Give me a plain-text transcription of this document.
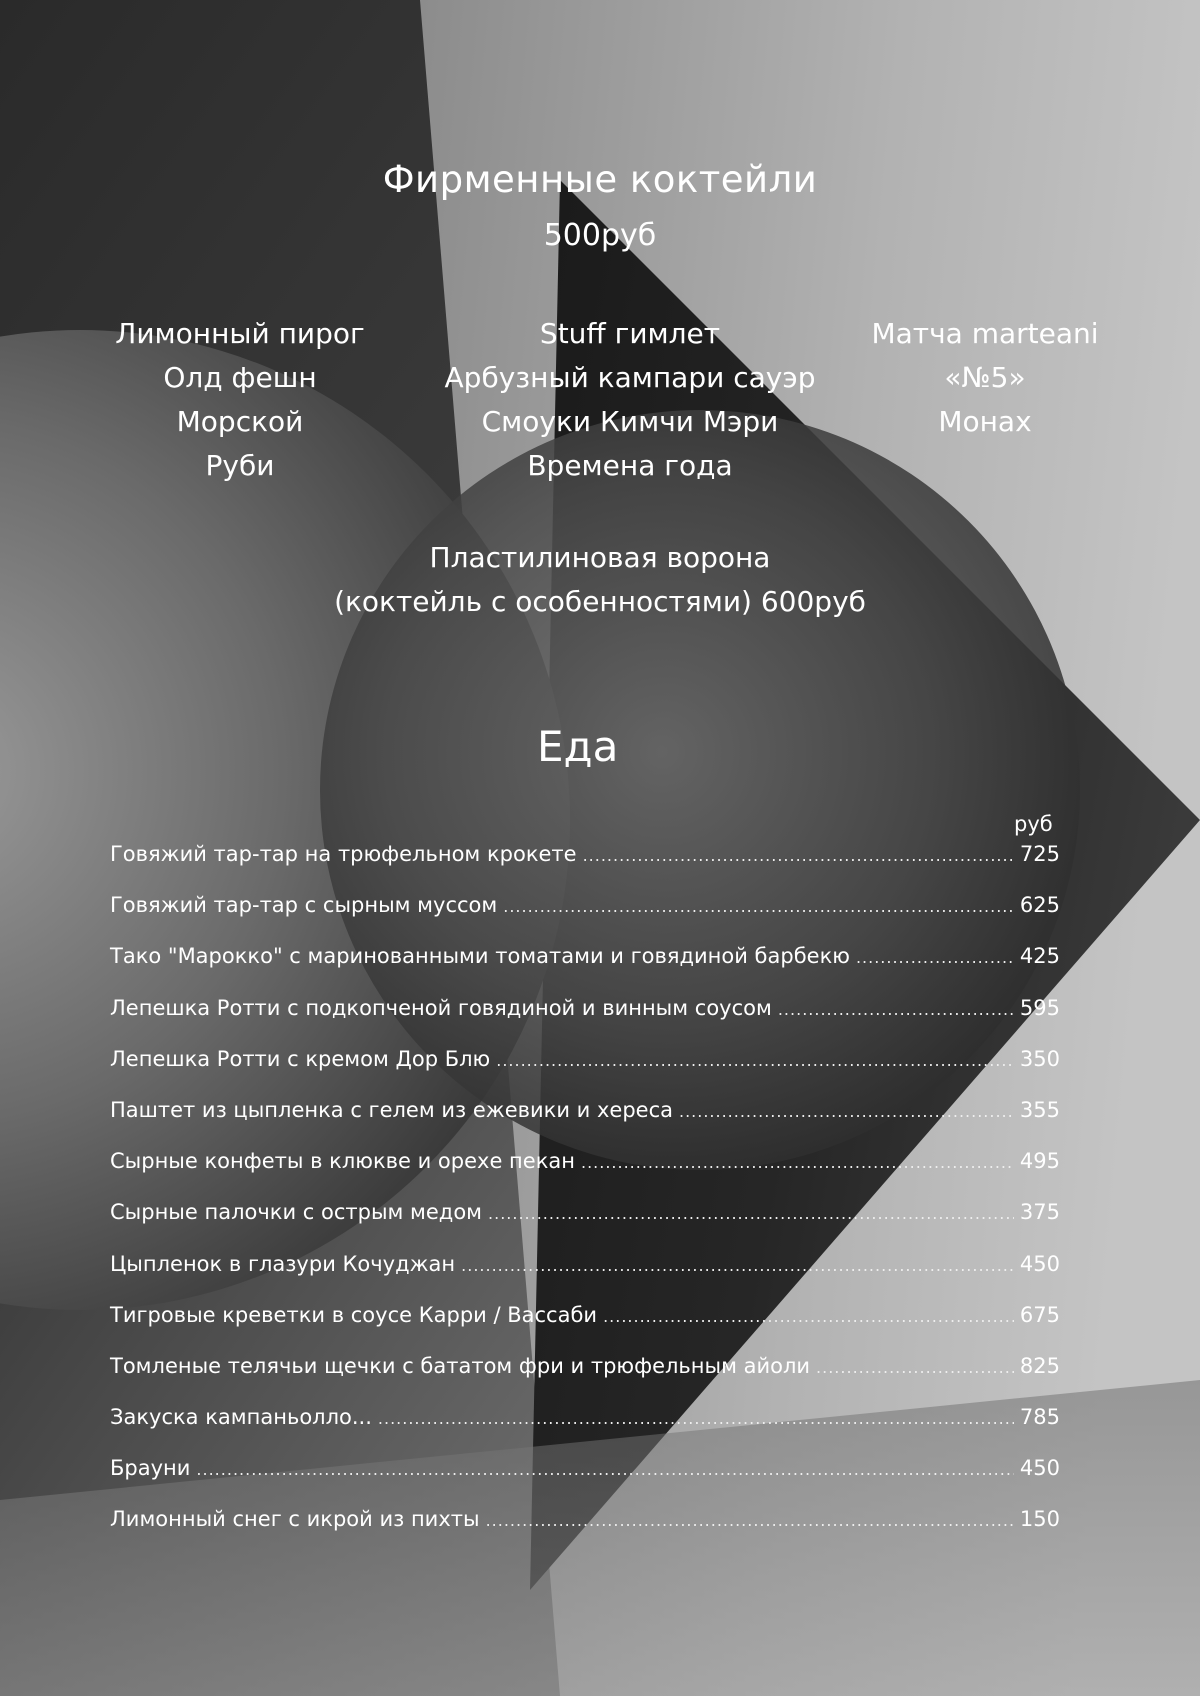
Фирменные коктейли
500руб
Лимонный пирог
Олд фешн
Морской
Руби
Stuff гимлет
Арбузный кампари сауэр
Смоуки Кимчи Мэри
Времена года
Матча marteani
«№5»
Монах
Пластилиновая ворона
(коктейль с особенностями) 600руб
Еда
руб
Говяжий тар-тар на трюфельном крокете .....	725
Говяжий тар-тар с сырным муссом .....	625
Тако "Марокко" с маринованными томатами и говядиной барбекю .....	425
Лепешка Ротти с подкопченой говядиной и винным соусом .....	595
Лепешка Ротти с кремом Дор Блю .....	350
Паштет из цыпленка с гелем из ежевики и хереса .....	355
Сырные конфеты в клюкве и орехе пекан .....	495
Сырные палочки с острым медом .....	375
Цыпленок в глазури Кочуджан .....	450
Тигровые креветки в соусе Карри / Вассаби .....	675
Томленые телячьи щечки с бататом фри и трюфельным айоли .....	825
Закуска кампаньолло... .....	785
Брауни .....	450
Лимонный снег с икрой из пихты .....	150
